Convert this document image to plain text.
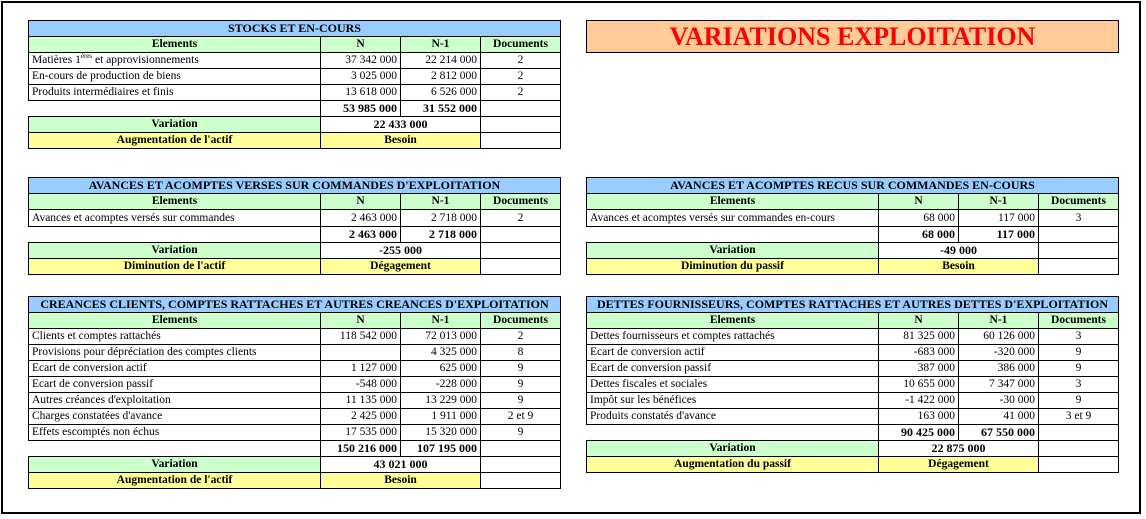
VARIATIONS EXPLOITATION
STOCKS ET EN-COURS			
Elements	N	N-1	Documents
Matières 1ères et approvisionnements	37 342 000	22 214 000	2
En-cours de production de biens	3 025 000	2 812 000	2
Produits intermédiaires et finis	13 618 000	6 526 000	2
	53 985 000	31 552 000	
Variation	22 433 000		
Augmentation de l'actif	Besoin		
AVANCES ET ACOMPTES VERSES SUR COMMANDES D'EXPLOITATION			
Elements	N	N-1	Documents
Avances et acomptes versés sur commandes	2 463 000	2 718 000	2
	2 463 000	2 718 000	
Variation	-255 000		
Diminution de l'actif	Dégagement		
AVANCES ET ACOMPTES RECUS SUR COMMANDES EN-COURS			
Elements	N	N-1	Documents
Avances et acomptes versés sur commandes en-cours	68 000	117 000	3
	68 000	117 000	
Variation	-49 000		
Diminution du passif	Besoin		
CREANCES CLIENTS, COMPTES RATTACHES ET AUTRES CREANCES D'EXPLOITATION			
Elements	N	N-1	Documents
Clients et comptes rattachés	118 542 000	72 013 000	2
Provisions pour dépréciation des comptes clients		4 325 000	8
Ecart de conversion actif	1 127 000	625 000	9
Ecart de conversion passif	-548 000	-228 000	9
Autres créances d'exploitation	11 135 000	13 229 000	9
Charges constatées d'avance	2 425 000	1 911 000	2 et 9
Effets escomptés non échus	17 535 000	15 320 000	9
	150 216 000	107 195 000	
Variation	43 021 000		
Augmentation de l'actif	Besoin		
DETTES FOURNISSEURS, COMPTES RATTACHES ET AUTRES DETTES D'EXPLOITATION			
Elements	N	N-1	Documents
Dettes fournisseurs et comptes rattachés	81 325 000	60 126 000	3
Ecart de conversion actif	-683 000	-320 000	9
Ecart de conversion passif	387 000	386 000	9
Dettes fiscales et sociales	10 655 000	7 347 000	3
Impôt sur les bénéfices	-1 422 000	-30 000	9
Produits constatés d'avance	163 000	41 000	3 et 9
	90 425 000	67 550 000	
Variation	22 875 000		
Augmentation du passif	Dégagement		
